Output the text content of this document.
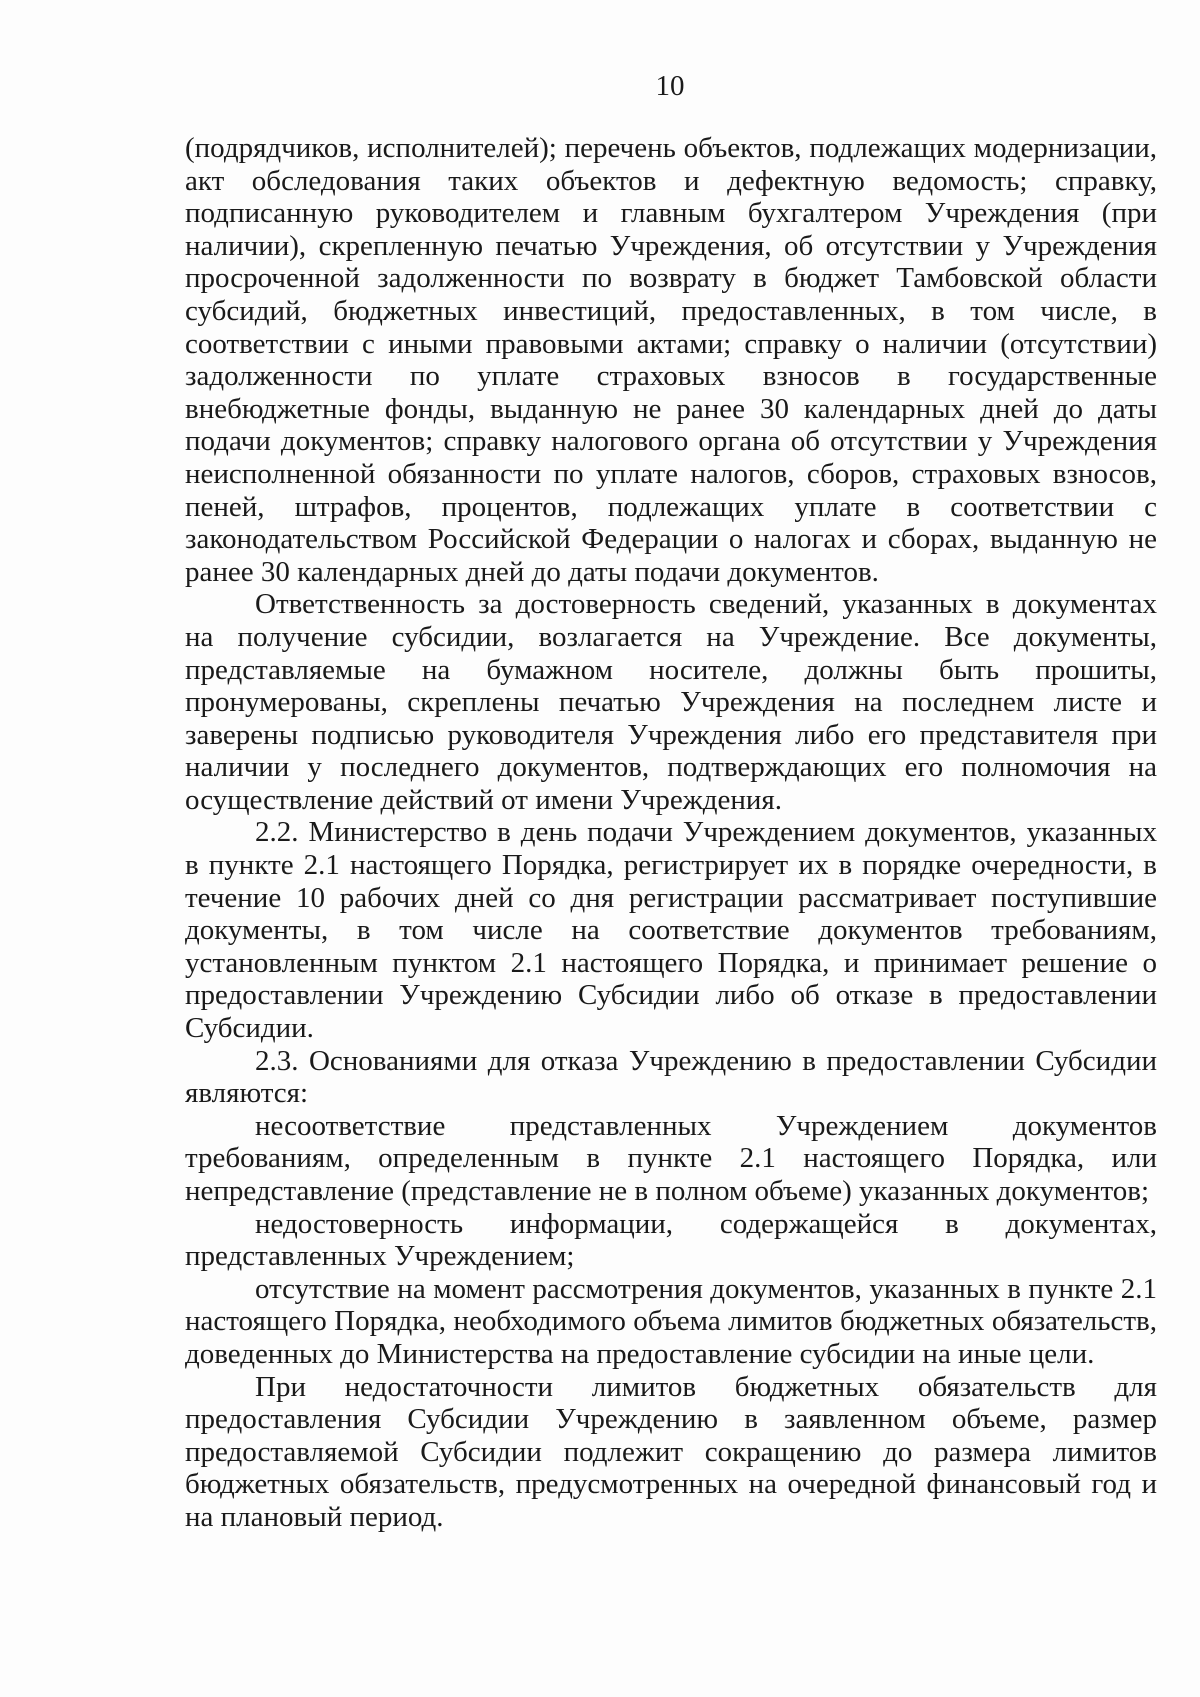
10

(подрядчиков, исполнителей); перечень объектов, подлежащих модернизации, акт обследования таких объектов и дефектную ведомость; справку, подписанную руководителем и главным бухгалтером Учреждения (при наличии), скрепленную печатью Учреждения, об отсутствии у Учреждения просроченной задолженности по возврату в бюджет Тамбовской области субсидий, бюджетных инвестиций, предоставленных, в том числе, в соответствии с иными правовыми актами; справку о наличии (отсутствии) задолженности по уплате страховых взносов в государственные внебюджетные фонды, выданную не ранее 30 календарных дней до даты подачи документов; справку налогового органа об отсутствии у Учреждения неисполненной обязанности по уплате налогов, сборов, страховых взносов, пеней, штрафов, процентов, подлежащих уплате в соответствии с законодательством Российской Федерации о налогах и сборах, выданную не ранее 30 календарных дней до даты подачи документов.

Ответственность за достоверность сведений, указанных в документах на получение субсидии, возлагается на Учреждение. Все документы, представляемые на бумажном носителе, должны быть прошиты, пронумерованы, скреплены печатью Учреждения на последнем листе и заверены подписью руководителя Учреждения либо его представителя при наличии у последнего документов, подтверждающих его полномочия на осуществление действий от имени Учреждения.

2.2. Министерство в день подачи Учреждением документов, указанных в пункте 2.1 настоящего Порядка, регистрирует их в порядке очередности, в течение 10 рабочих дней со дня регистрации рассматривает поступившие документы, в том числе на соответствие документов требованиям, установленным пунктом 2.1 настоящего Порядка, и принимает решение о предоставлении Учреждению Субсидии либо об отказе в предоставлении Субсидии.

2.3. Основаниями для отказа Учреждению в предоставлении Субсидии являются:

несоответствие представленных Учреждением документов требованиям, определенным в пункте 2.1 настоящего Порядка, или непредставление (представление не в полном объеме) указанных документов;

недостоверность информации, содержащейся в документах, представленных Учреждением;

отсутствие на момент рассмотрения документов, указанных в пункте 2.1 настоящего Порядка, необходимого объема лимитов бюджетных обязательств, доведенных до Министерства на предоставление субсидии на иные цели.

При недостаточности лимитов бюджетных обязательств для предоставления Субсидии Учреждению в заявленном объеме, размер предоставляемой Субсидии подлежит сокращению до размера лимитов бюджетных обязательств, предусмотренных на очередной финансовый год и на плановый период.
